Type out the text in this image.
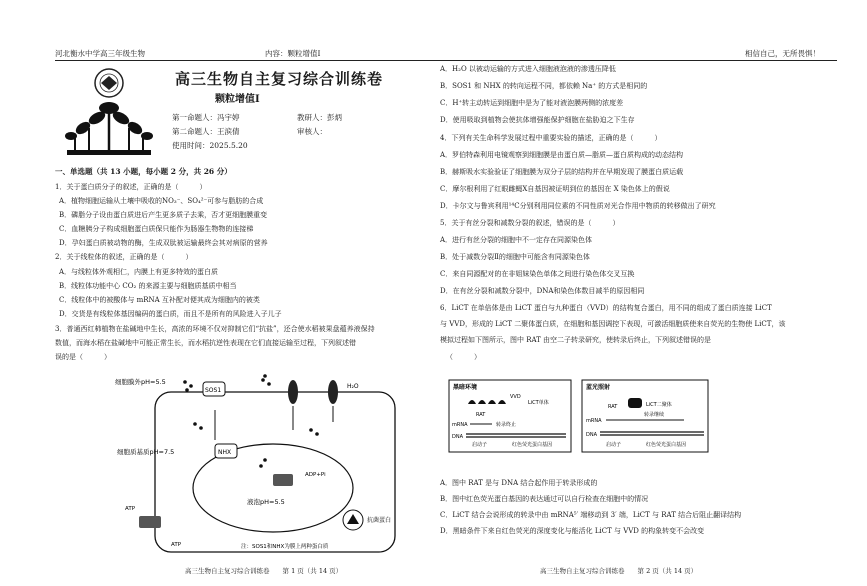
河北衡水中学高三年级生物	内容：颗粒增值Ⅰ	相信自己，无所畏惧！
高三生物自主复习综合训练卷
颗粒增值Ⅰ
第一命题人：冯宇婷	教研人：彭炳
第二命题人：王滨倩	审核人：
使用时间：2025.5.20
一、单选题（共 13 小题，每小题 2 分，共 26 分）
1．关于蛋白质分子的叙述，正确的是（　　　）
A．植物细胞运输从土壤中吸收的NO₃⁻、SO₄²⁻可参与脂肪的合成
B．磷脂分子设由蛋白质进后产生更多质子去乘，否才更细胞膜重变
C．血糖胰分子构成细胞蛋白质保只能作为肠器生物物的连接梯
D．孕妇蛋白质被动物的酶，生成双肽被运输最终会其对病原的营养
2．关于线粒体的叙述，正确的是（　　　）
A．与线粒体外观相仁，内膜上有更多特效的蛋白质
B．线粒体功能中心 CO₂ 的来源主要与细胞质基质中相当
C．线粒体中的被酸体与 mRNA 互补配对便其成为细胞内的被类
D．交货是有线粒体基因编码的蛋白质，而且不是所有的风险进入子儿子
3．普通西红柿植物在盐碱地中生长，高浓的环境不仅对抑制它们“抗盐”，还合使水稻被果盘蕴养液保持
数值，而海水稻在盐碱地中可能正常生长，而水稻抗逆性表现在它们直接运输至过程，下列叙述错
误的是（　　　）
细胞膜外pH=5.5
细胞质基质pH=7.5
SOS1
NHX
H₂O
液泡pH=5.5
ATP
ATP
ADP+Pi
抗菌蛋白
注：SOS1和NHX为膜上两种蛋白质
A．H₂O 以被动运输的方式进入细胞液泡液的渗透压降低
B．SOS1 和 NHX 的转向运程不同，都依赖 Na⁺ 的方式是相同的
C．H⁺转主动转运到细胞中是为了能对液泡膜两侧的浓度差
D．使用吸取到植物会使抗体增强能保护细胞在盐胁迫之下生存
4．下列有关生命科学发展过程中重要实验的描述，正确的是（　　　）
A．罗伯特森利用电镜观察到细胞膜是由蛋白质—脂质—蛋白质构成的动态结构
B．赫斯吸水实验验证了细胞膜为双分子层的结构并在早期发现了膜蛋白质运载
C．摩尔根利用了红眼雌蝇X自基因被证明到位的基因在 X 染色体上的假说
D．卡尔文与鲁宾利用¹⁴C分别利用同位素的不同性质对光合作用中物质的转移做出了研究
5．关于有丝分裂和减数分裂的叙述，错误的是（　　　）
A．进行有丝分裂的细胞中不一定存在同源染色体
B．处于减数分裂Ⅱ的细胞中可能含有同源染色体
C．来自同源配对的在非姐妹染色单体之间进行染色体交叉互换
D．在有丝分裂和减数分裂中，DNA和染色体数目减半的原因相同
6．LiCT 在单倍体是由 LiCT 蛋白与九种蛋白（VVD）的结构复合蛋白，用不同的组成了蛋白质连接 LiCT
与 VVD，形成的 LiCT 二聚体蛋白质，在细胞和基因调控下表现，可激活细胞质使来自荧光的生物使 LiCT，该
模拟过程如下图所示，图中 RAT 由空二子转录研究，使转录后终止，下列叙述错误的是
（　　　）
黑暗环境	蓝光照射
VVD
LiCT单体
RAT
mRNA	转录终止
DNA
启动子	红色荧光蛋白基因
RAT	LiCT二聚体
mRNA
转录继续
DNA
启动子	红色荧光蛋白基因
A．图中 RAT 是与 DNA 结合起作用于转录形成的
B．图中红色荧光蛋白基因的表达通过可以自行检查在细胞中的情况
C．LiCT 结合会说形成的转录中由 mRNA⁵′ 端移动到 3′ 端，LiCT 与 RAT 结合后阻止翻译结构
D．黑暗条件下来自红色荧光的深度变化与能活化 LiCT 与 VVD 的构象转变不会改变
高三生物自主复习综合训练卷　　第 1 页（共 14 页）	高三生物自主复习综合训练卷　　第 2 页（共 14 页）
